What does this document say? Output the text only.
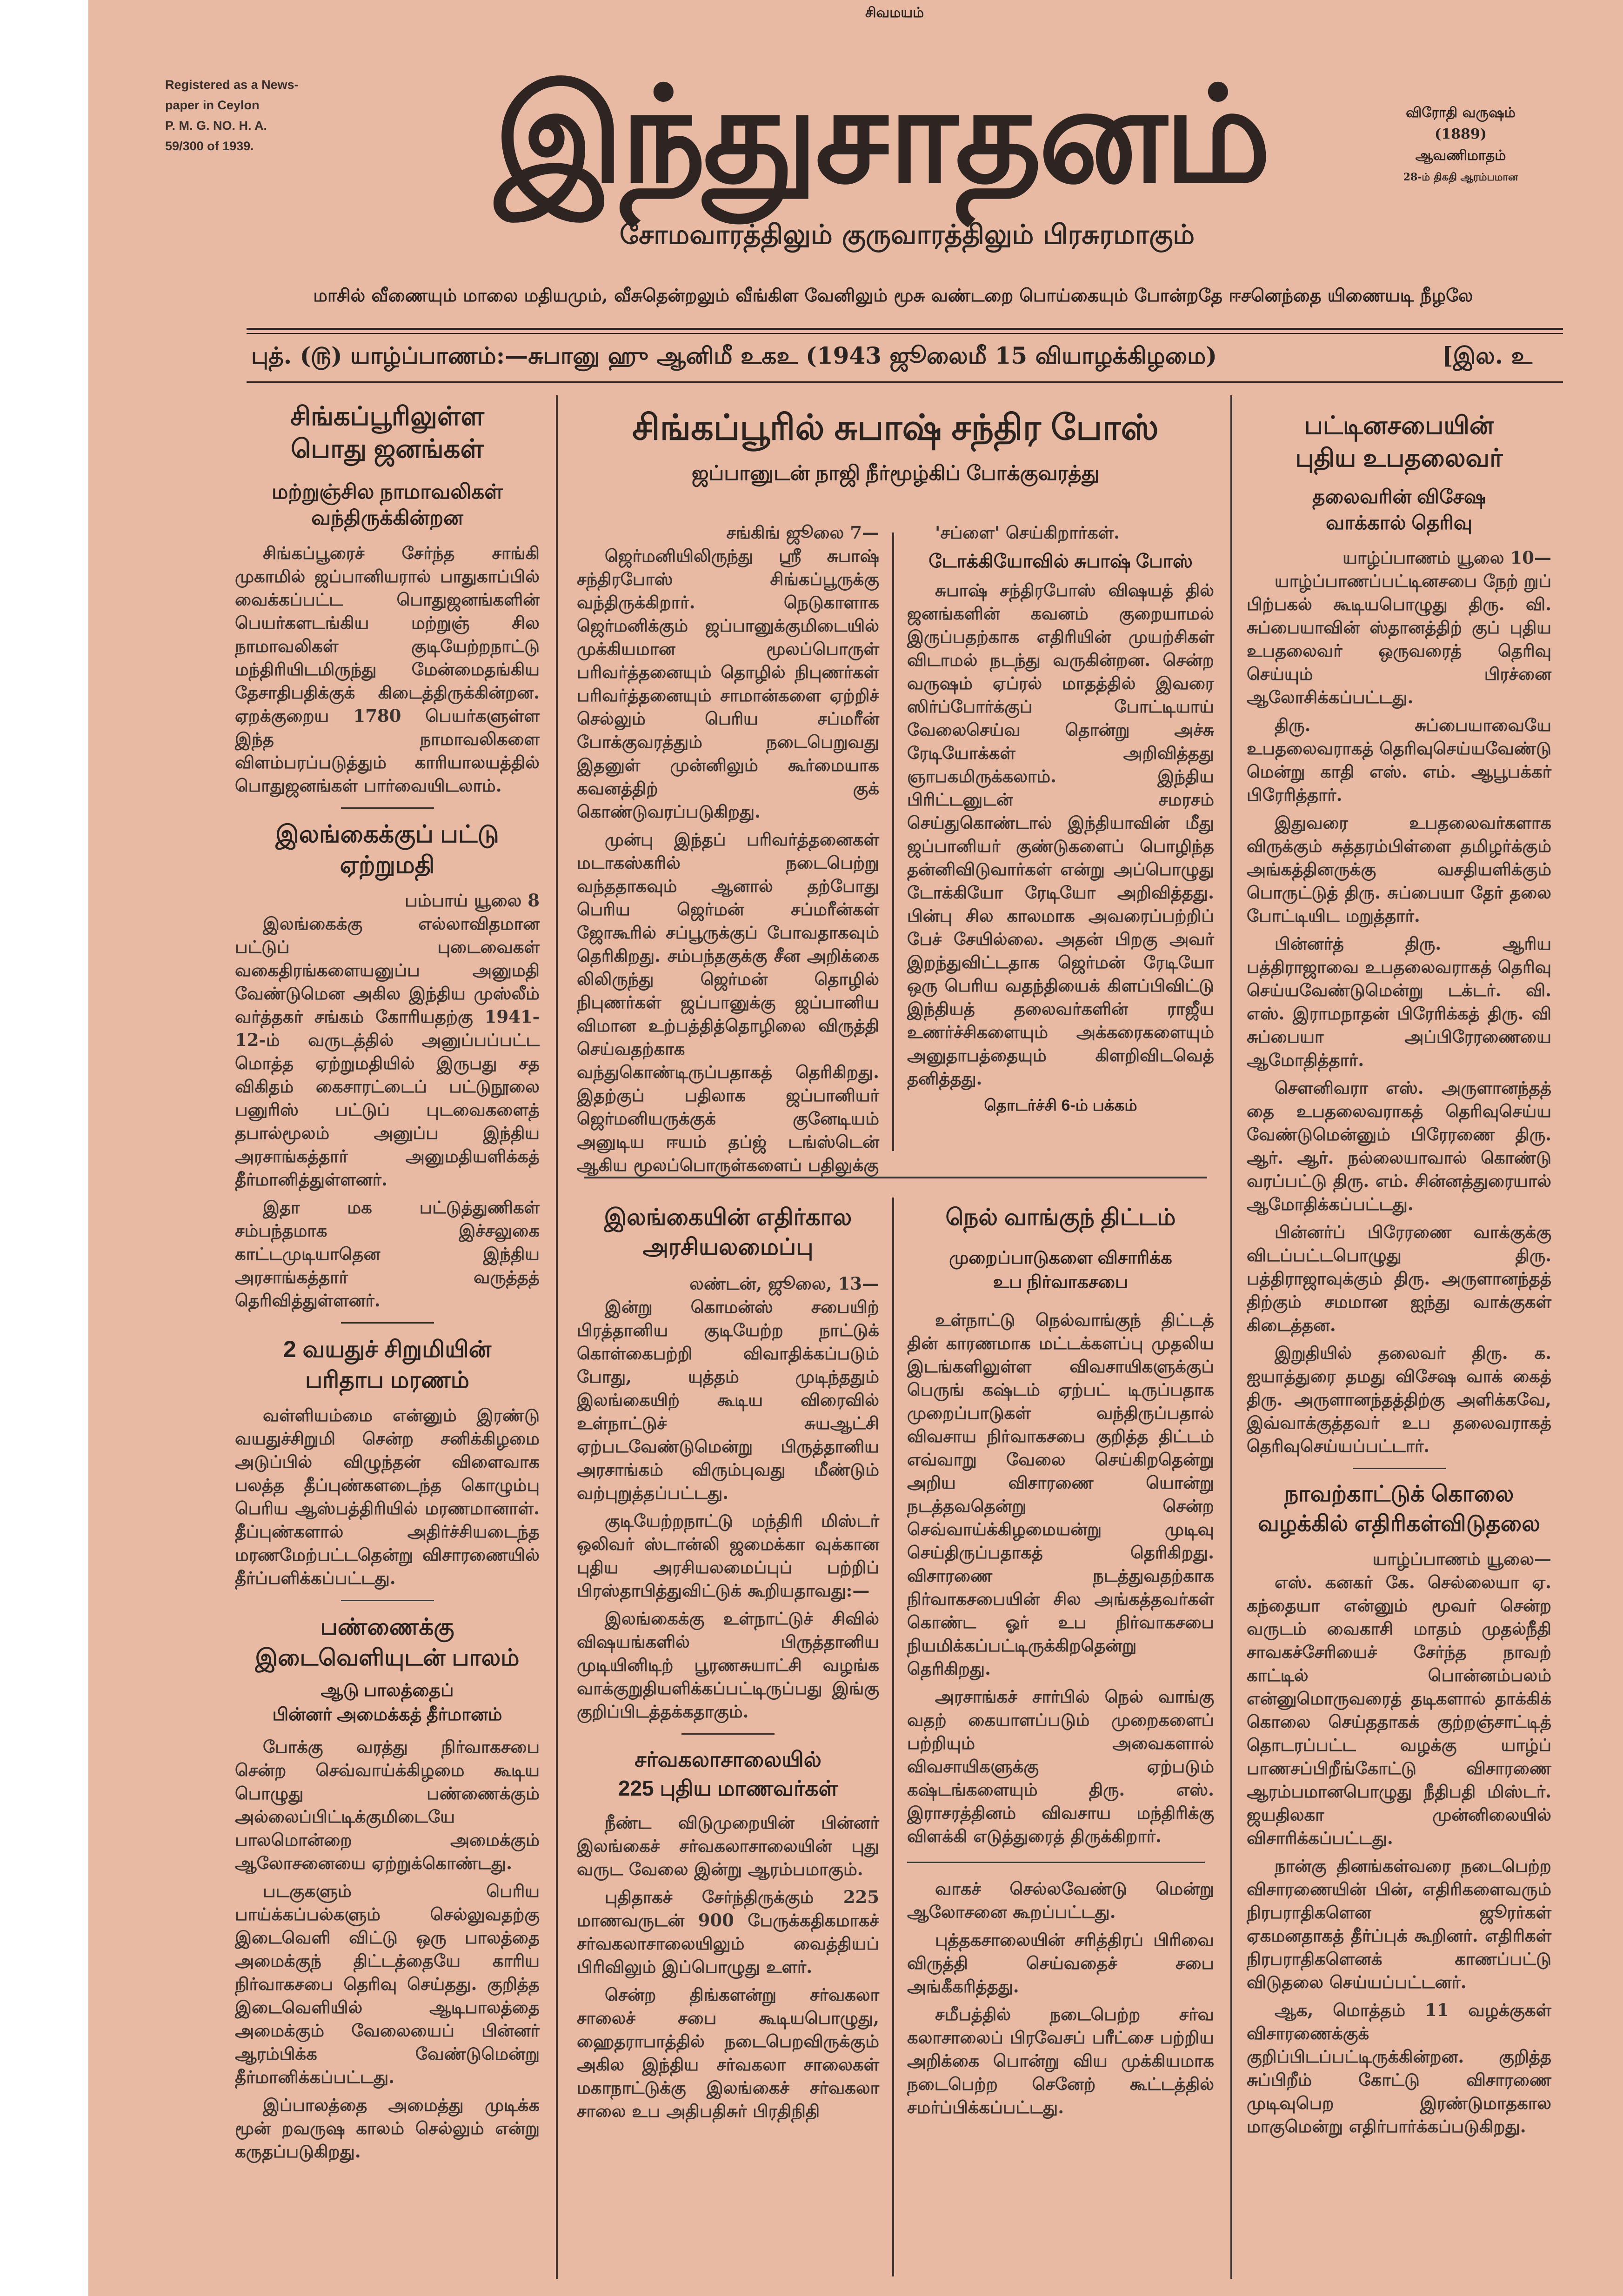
Registered as a News-
paper in Ceylon
P. M. G. NO. H. A.
59/300 of 1939.
சிவமயம்
இந்துசாதனம்	விரோதி வருஷம்
(1889)
ஆவணிமாதம்
28-ம் திகதி ஆரம்பமான
சோமவாரத்திலும் குருவாரத்திலும் பிரசுரமாகும்
மாசில் வீணையும் மாலை மதியமும், வீசுதென்றலும் வீங்கிள வேனிலும் மூசு வண்டறை பொய்கையும் போன்றதே ஈசனெந்தை யிணையடி நீழலே
புத். (௫) யாழ்ப்பாணம்:—சுபானு ஹு ஆனிமீ உகஉ (1943 ஜூலைமீ 15 வியாழக்கிழமை)	[இல. உ
சிங்கப்பூரிலுள்ள
பொது ஜனங்கள்
மற்றுஞ்சில நாமாவலிகள்
வந்திருக்கின்றன

சிங்கப்பூரைச் சேர்ந்த சாங்கி முகாமில் ஜப்பானியரால் பாதுகாப்பில் வைக்கப்பட்ட பொதுஜனங்களின் பெயர்களடங்கிய மற்றுஞ் சில நாமாவலிகள் குடியேற்றநாட்டு மந்திரியிடமிருந்து மேன்மைதங்கிய தேசாதிபதிக்குக் கிடைத்திருக்கின்றன. ஏறக்குறைய 1780 பெயர்களுள்ள இந்த நாமாவலிகளை விளம்பரப்படுத்தும் காரியாலயத்தில் பொதுஜனங்கள் பார்வையிடலாம்.

இலங்கைக்குப் பட்டு
ஏற்றுமதி
பம்பாய் யூலை 8

இலங்கைக்கு எல்லாவிதமான பட்டுப் புடைவைகள் வகைதிரங்களையனுப்ப அனுமதி வேண்டுமென அகில இந்திய முஸ்லீம் வர்த்தகர் சங்கம் கோரியதற்கு 1941-12-ம் வருடத்தில் அனுப்பப்பட்ட மொத்த ஏற்றுமதியில் இருபது சத விகிதம் கைசாரட்டைப் பட்டுநூலை பனுரிஸ் பட்டுப் புடவைகளைத் தபால்மூலம் அனுப்ப இந்திய அரசாங்கத்தார் அனுமதியளிக்கத் தீர்மானித்துள்ளனர்.

இதா மக பட்டுத்துணிகள் சம்பந்தமாக இச்சலுகை காட்டமுடியாதென இந்திய அரசாங்கத்தார் வருத்தத் தெரிவித்துள்ளனர்.

2 வயதுச் சிறுமியின்
பரிதாப மரணம்

வள்ளியம்மை என்னும் இரண்டு வயதுச்சிறுமி சென்ற சனிக்கிழமை அடுப்பில் விழுந்தன் விளைவாக பலத்த தீப்புண்களடைந்த கொழும்பு பெரிய ஆஸ்பத்திரியில் மரணமானாள். தீப்புண்களால் அதிர்ச்சியடைந்த மரணமேற்பட்டதென்று விசாரணையில் தீர்ப்பளிக்கப்பட்டது.

பண்ணைக்கு
இடைவெளியுடன் பாலம்
ஆடு பாலத்தைப்
பின்னர் அமைக்கத் தீர்மானம்

போக்கு வரத்து நிர்வாகசபை சென்ற செவ்வாய்க்கிழமை கூடிய பொழுது பண்ணைக்கும் அல்லைப்பிட்டிக்குமிடையே பாலமொன்றை அமைக்கும் ஆலோசனையை ஏற்றுக்கொண்டது.

படகுகளும் பெரிய பாய்க்கப்பல்களும் செல்லுவதற்கு இடைவெளி விட்டு ஒரு பாலத்தை அமைக்குந் திட்டத்தையே காரிய நிர்வாகசபை தெரிவு செய்தது. குறித்த இடைவெளியில் ஆடிபாலத்தை அமைக்கும் வேலையைப் பின்னர் ஆரம்பிக்க வேண்டுமென்று தீர்மானிக்கப்பட்டது.

இப்பாலத்தை அமைத்து முடிக்க மூன் றவருஷ காலம் செல்லும் என்று கருதப்படுகிறது.

சிங்கப்பூரில் சுபாஷ் சந்திர போஸ்
ஜப்பானுடன் நாஜி நீர்மூழ்கிப் போக்குவரத்து
சங்கிங் ஜூலை 7—

ஜெர்மனியிலிருந்து ஸ்ரீ சுபாஷ் சந்திரபோஸ் சிங்கப்பூருக்கு வந்திருக்கிறார். நெடுகாளாக ஜெர்மனிக்கும் ஜப்பானுக்குமிடையில் முக்கியமான மூலப்பொருள் பரிவர்த்தனையும் தொழில் நிபுணர்கள் பரிவர்த்தனையும் சாமான்களை ஏற்றிச் செல்லும் பெரிய சப்மரீன் போக்குவரத்தும் நடைபெறுவது இதனுள் முன்னிலும் கூர்மையாக கவனத்திற் குக் கொண்டுவரப்படுகிறது.

முன்பு இந்தப் பரிவர்த்தனைகள் மடாகஸ்கரில் நடைபெற்று வந்ததாகவும் ஆனால் தற்போது பெரிய ஜெர்மன் சப்மரீன்கள் ஜோகூரில் சப்பூருக்குப் போவதாகவும் தெரிகிறது. சம்பந்தகுக்கு சீன அறிக்கை லிலிருந்து ஜெர்மன் தொழில் நிபுணர்கள் ஜப்பானுக்கு ஜப்பானிய விமான உற்பத்தித்தொழிலை விருத்தி செய்வதற்காக வந்துகொண்டிருப்பதாகத் தெரிகிறது. இதற்குப் பதிலாக ஜப்பானியர் ஜெர்மனியருக்குக் குனேடியம் அனுடிய ஈயம் தப்ஜ் டங்ஸ்டென் ஆகிய மூலப்பொருள்களைப் பதிலுக்கு

'சப்ளை' செய்கிறார்கள்.

டோக்கியோவில் சுபாஷ் போஸ்

சுபாஷ் சந்திரபோஸ் விஷயத் தில் ஜனங்களின் கவனம் குறையாமல் இருப்பதற்காக எதிரியின் முயற்சிகள் விடாமல் நடந்து வருகின்றன. சென்ற வருஷம் ஏப்ரல் மாதத்தில் இவரை ஸிர்ப்போர்க்குப் போட்டியாய் வேலைசெய்வ தொன்று அச்சு ரேடியோக்கள் அறிவித்தது ஞாபகமிருக்கலாம். இந்திய பிரிட்டனுடன் சமரசம் செய்துகொண்டால் இந்தியாவின் மீது ஜப்பானியர் குண்டுகளைப் பொழிந்த தன்னிவிடுவார்கள் என்று அப்பொழுது டோக்கியோ ரேடியோ அறிவித்தது. பின்பு சில காலமாக அவரைப்பற்றிப் பேச் சேயில்லை. அதன் பிறகு அவர் இறந்துவிட்டதாக ஜெர்மன் ரேடியோ ஒரு பெரிய வதந்தியைக் கிளப்பிவிட்டு இந்தியத் தலைவர்களின் ராஜீய உணர்ச்சிகளையும் அக்கரைகளையும் அனுதாபத்தையும் கிளறிவிடவெத் தனித்தது.

தொடர்ச்சி 6-ம் பக்கம்
இலங்கையின் எதிர்கால
அரசியலமைப்பு
லண்டன், ஜூலை, 13—

இன்று கொமன்ஸ் சபையிற் பிரத்தானிய குடியேற்ற நாட்டுக் கொள்கைபற்றி விவாதிக்கப்படும் போது, யுத்தம் முடிந்ததும் இலங்கையிற் கூடிய விரைவில் உள்நாட்டுச் சுயஆட்சி ஏற்படவேண்டுமென்று பிருத்தானிய அரசாங்கம் விரும்புவது மீண்டும் வற்புறுத்தப்பட்டது.

குடியேற்றநாட்டு மந்திரி மிஸ்டர் ஒலிவர் ஸ்டான்லி ஜமைக்கா வுக்கான புதிய அரசியலமைப்புப் பற்றிப் பிரஸ்தாபித்துவிட்டுக் கூறியதாவது:—

இலங்கைக்கு உள்நாட்டுச் சிவில் விஷயங்களில் பிருத்தானிய முடியினிடிற் பூரணசுயாட்சி வழங்க வாக்குறுதியளிக்கப்பட்டிருப்பது இங்கு குறிப்பிடத்தக்கதாகும்.

சர்வகலாசாலையில்
225 புதிய மாணவர்கள்

நீண்ட விடுமுறையின் பின்னர் இலங்கைச் சர்வகலாசாலையின் புது வருட வேலை இன்று ஆரம்பமாகும்.

புதிதாகச் சேர்ந்திருக்கும் 225 மாணவருடன் 900 பேருக்கதிகமாகச் சர்வகலாசாலையிலும் வைத்தியப் பிரிவிலும் இப்பொழுது உளர்.

சென்ற திங்களன்று சர்வகலா சாலைச் சபை கூடியபொழுது, ஹைதராபாத்தில் நடைபெறவிருக்கும் அகில இந்திய சர்வகலா சாலைகள் மகாநாட்டுக்கு இலங்கைச் சர்வகலா சாலை உப அதிபதிசுர் பிரதிநிதி

நெல் வாங்குந் திட்டம்
முறைப்பாடுகளை விசாரிக்க
உப நிர்வாகசபை

உள்நாட்டு நெல்வாங்குந் திட்டத் தின் காரணமாக மட்டக்களப்பு முதலிய இடங்களிலுள்ள விவசாயிகளுக்குப் பெருங் கஷ்டம் ஏற்பட் டிருப்பதாக முறைப்பாடுகள் வந்திருப்பதால் விவசாய நிர்வாகசபை குறித்த திட்டம் எவ்வாறு வேலை செய்கிறதென்று அறிய விசாரணை யொன்று நடத்தவதென்று சென்ற செவ்வாய்க்கிழமையன்று முடிவு செய்திருப்பதாகத் தெரிகிறது. விசாரணை நடத்துவதற்காக நிர்வாகசபையின் சில அங்கத்தவர்கள் கொண்ட ஓர் உப நிர்வாகசபை நியமிக்கப்பட்டிருக்கிறதென்று தெரிகிறது.

அரசாங்கச் சார்பில் நெல் வாங்கு வதற் கையாளப்படும் முறைகளைப் பற்றியும் அவைகளால் விவசாயிகளுக்கு ஏற்படும் கஷ்டங்களையும் திரு. எஸ். இராசரத்தினம் விவசாய மந்திரிக்கு விளக்கி எடுத்துரைத் திருக்கிறார்.

வாகச் செல்லவேண்டு மென்று ஆலோசனை கூறப்பட்டது.

புத்தகசாலையின் சரித்திரப் பிரிவை விருத்தி செய்வதைச் சபை அங்கீகரித்தது.

சமீபத்தில் நடைபெற்ற சர்வ கலாசாலைப் பிரவேசப் பரீட்சை பற்றிய அறிக்கை பொன்று விய முக்கியமாக நடைபெற்ற செனேற் கூட்டத்தில் சமர்ப்பிக்கப்பட்டது.

பட்டினசபையின்
புதிய உபதலைவர்
தலைவரின் விசேஷ
வாக்கால் தெரிவு
யாழ்ப்பாணம் யூலை 10—

யாழ்ப்பாணப்பட்டினசபை நேற் றுப் பிற்பகல் கூடியபொழுது திரு. வி. சுப்பையாவின் ஸ்தானத்திற் குப் புதிய உபதலைவர் ஒருவரைத் தெரிவு செய்யும் பிரச்னை ஆலோசிக்கப்பட்டது.

திரு. சுப்பையாவையே உபதலைவராகத் தெரிவுசெய்யவேண்டு மென்று காதி எஸ். எம். ஆபூபக்கர் பிரேரித்தார்.

இதுவரை உபதலைவர்களாக விருக்கும் சுத்தரம்பிள்ளை தமிழர்க்கும் அங்கத்தினருக்கு வசதியளிக்கும் பொருட்டுத் திரு. சுப்பையா தேர் தலை போட்டியிட மறுத்தார்.

பின்னர்த் திரு. ஆரிய பத்திராஜாவை உபதலைவராகத் தெரிவு செய்யவேண்டுமென்று டக்டர். வி. எஸ். இராமநாதன் பிரேரிக்கத் திரு. வி சுப்பையா அப்பிரேரணையை ஆமோதித்தார்.

சௌனிவரா எஸ். அருளானந்தத் தை உபதலைவராகத் தெரிவுசெய்ய வேண்டுமென்னும் பிரேரணை திரு. ஆர். ஆர். நல்லையாவால் கொண்டு வரப்பட்டு திரு. எம். சின்னத்துரையால் ஆமோதிக்கப்பட்டது.

பின்னர்ப் பிரேரணை வாக்குக்கு விடப்பட்டபொழுது திரு. பத்திராஜாவுக்கும் திரு. அருளானந்தத் திற்கும் சமமான ஐந்து வாக்குகள் கிடைத்தன.

இறுதியில் தலைவர் திரு. க. ஐயாத்துரை தமது விசேஷ வாக் கைத் திரு. அருளானந்தத்திற்கு அளிக்கவே, இவ்வாக்குத்தவர் உப தலைவராகத் தெரிவுசெய்யப்பட்டார்.

நாவற்காட்டுக் கொலை
வழக்கில் எதிரிகள்விடுதலை
யாழ்ப்பாணம் யூலை—

எஸ். கனகர் கே. செல்லையா ஏ. கந்தையா என்னும் மூவர் சென்ற வருடம் வைகாசி மாதம் முதல்நீதி சாவகச்சேரியைச் சேர்ந்த நாவற் காட்டில் பொன்னம்பலம் என்னுமொருவரைத் தடிகளால் தாக்கிக் கொலை செய்ததாகக் குற்றஞ்சாட்டித் தொடரப்பட்ட வழக்கு யாழ்ப் பாணசப்பிறீங்கோட்டு விசாரணை ஆரம்பமானபொழுது நீதிபதி மிஸ்டர். ஜயதிலகா முன்னிலையில் விசாரிக்கப்பட்டது.

நான்கு தினங்கள்வரை நடைபெற்ற விசாரணையின் பின், எதிரிகளைவரும் நிரபராதிகளென ஜூரர்கள் ஏகமனதாகத் தீர்ப்புக் கூறினர். எதிரிகள் நிரபராதிகளெனக் காணப்பட்டு விடுதலை செய்யப்பட்டனர்.

ஆக, மொத்தம் 11 வழக்குகள் விசாரணைக்குக் குறிப்பிடப்பட்டிருக்கின்றன. குறித்த சுப்பிறீம் கோட்டு விசாரணை முடிவுபெற இரண்டுமாதகால மாகுமென்று எதிர்பார்க்கப்படுகிறது.
